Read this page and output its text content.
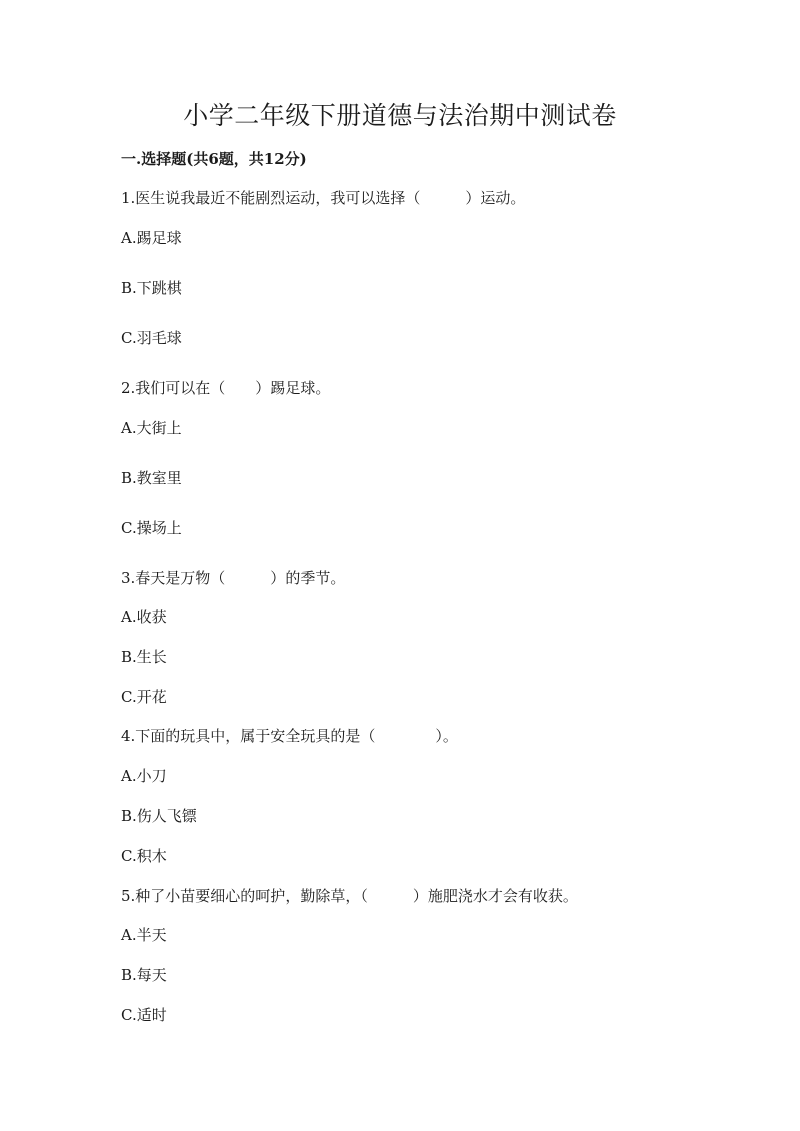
小学二年级下册道德与法治期中测试卷

一.选择题(共6题，共12分)

1.医生说我最近不能剧烈运动，我可以选择（　　　）运动。

A.踢足球

B.下跳棋

C.羽毛球

2.我们可以在（　　）踢足球。

A.大街上

B.教室里

C.操场上

3.春天是万物（　　　）的季节。

A.收获

B.生长

C.开花

4.下面的玩具中，属于安全玩具的是（　　　　）。

A.小刀

B.伤人飞镖

C.积木

5.种了小苗要细心的呵护，勤除草，（　　　）施肥浇水才会有收获。

A.半天

B.每天

C.适时
